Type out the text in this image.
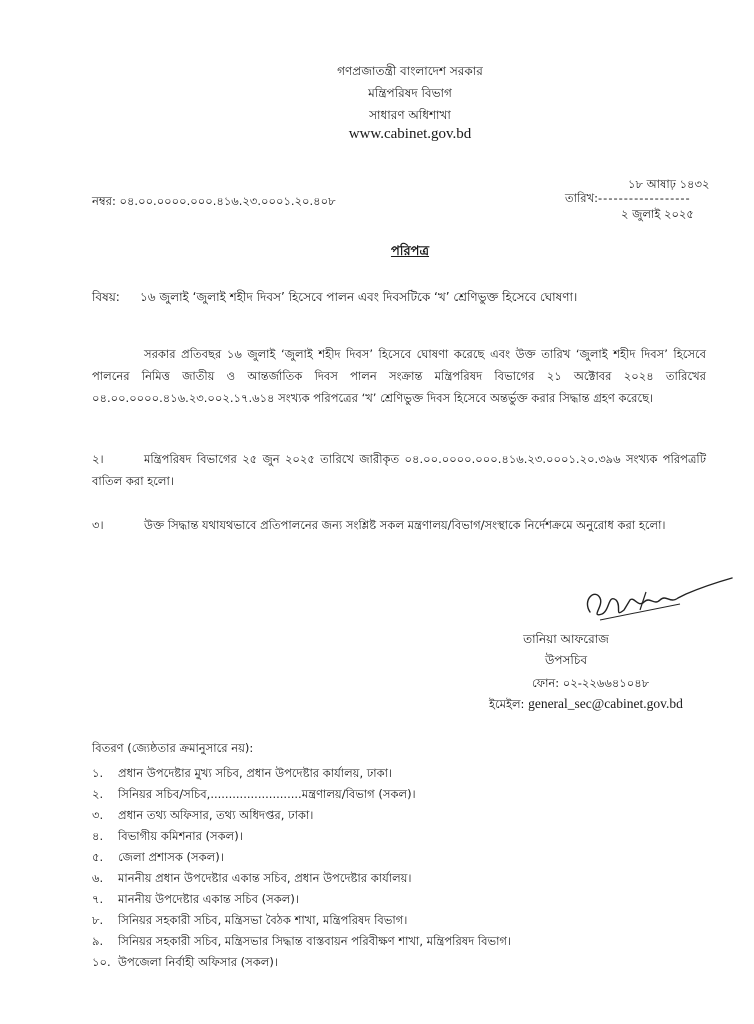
গণপ্রজাতন্ত্রী বাংলাদেশ সরকার
মন্ত্রিপরিষদ বিভাগ
সাধারণ অধিশাখা
www.cabinet.gov.bd
নম্বর: ০৪.০০.০০০০.০০০.৪১৬.২৩.০০০১.২০.৪০৮
১৮ আষাঢ় ১৪৩২
তারিখ:------------------
২ জুলাই ২০২৫
পরিপত্র
বিষয়: ১৬ জুলাই ‘জুলাই শহীদ দিবস’ হিসেবে পালন এবং দিবসটিকে ‘খ’ শ্রেণিভুক্ত হিসেবে ঘোষণা।
সরকার প্রতিবছর ১৬ জুলাই ‘জুলাই শহীদ দিবস’ হিসেবে ঘোষণা করেছে এবং উক্ত তারিখ ‘জুলাই শহীদ দিবস’ হিসেবে পালনের নিমিত্ত জাতীয় ও আন্তর্জাতিক দিবস পালন সংক্রান্ত মন্ত্রিপরিষদ বিভাগের ২১ অক্টোবর ২০২৪ তারিখের ০৪.০০.০০০০.৪১৬.২৩.০০২.১৭.৬১৪ সংখ্যক পরিপত্রের ‘খ’ শ্রেণিভুক্ত দিবস হিসেবে অন্তর্ভুক্ত করার সিদ্ধান্ত গ্রহণ করেছে।
২।	মন্ত্রিপরিষদ বিভাগের ২৫ জুন ২০২৫ তারিখে জারীকৃত ০৪.০০.০০০০.০০০.৪১৬.২৩.০০০১.২০.৩৯৬ সংখ্যক পরিপত্রটি বাতিল করা হলো।
৩।	উক্ত সিদ্ধান্ত যথাযথভাবে প্রতিপালনের জন্য সংশ্লিষ্ট সকল মন্ত্রণালয়/বিভাগ/সংস্থাকে নির্দেশক্রমে অনুরোধ করা হলো।
তানিয়া আফরোজ
উপসচিব
ফোন: ০২-২২৬৬৪১০৪৮
ইমেইল: general_sec@cabinet.gov.bd
বিতরণ (জ্যেষ্ঠতার ক্রমানুসারে নয়):
১. প্রধান উপদেষ্টার মুখ্য সচিব, প্রধান উপদেষ্টার কার্যালয়, ঢাকা।
২. সিনিয়র সচিব/সচিব,.........................মন্ত্রণালয়/বিভাগ (সকল)।
৩. প্রধান তথ্য অফিসার, তথ্য অধিদপ্তর, ঢাকা।
৪. বিভাগীয় কমিশনার (সকল)।
৫. জেলা প্রশাসক (সকল)।
৬. মাননীয় প্রধান উপদেষ্টার একান্ত সচিব, প্রধান উপদেষ্টার কার্যালয়।
৭. মাননীয় উপদেষ্টার একান্ত সচিব (সকল)।
৮. সিনিয়র সহকারী সচিব, মন্ত্রিসভা বৈঠক শাখা, মন্ত্রিপরিষদ বিভাগ।
৯. সিনিয়র সহকারী সচিব, মন্ত্রিসভার সিদ্ধান্ত বাস্তবায়ন পরিবীক্ষণ শাখা, মন্ত্রিপরিষদ বিভাগ।
১০. উপজেলা নির্বাহী অফিসার (সকল)।
